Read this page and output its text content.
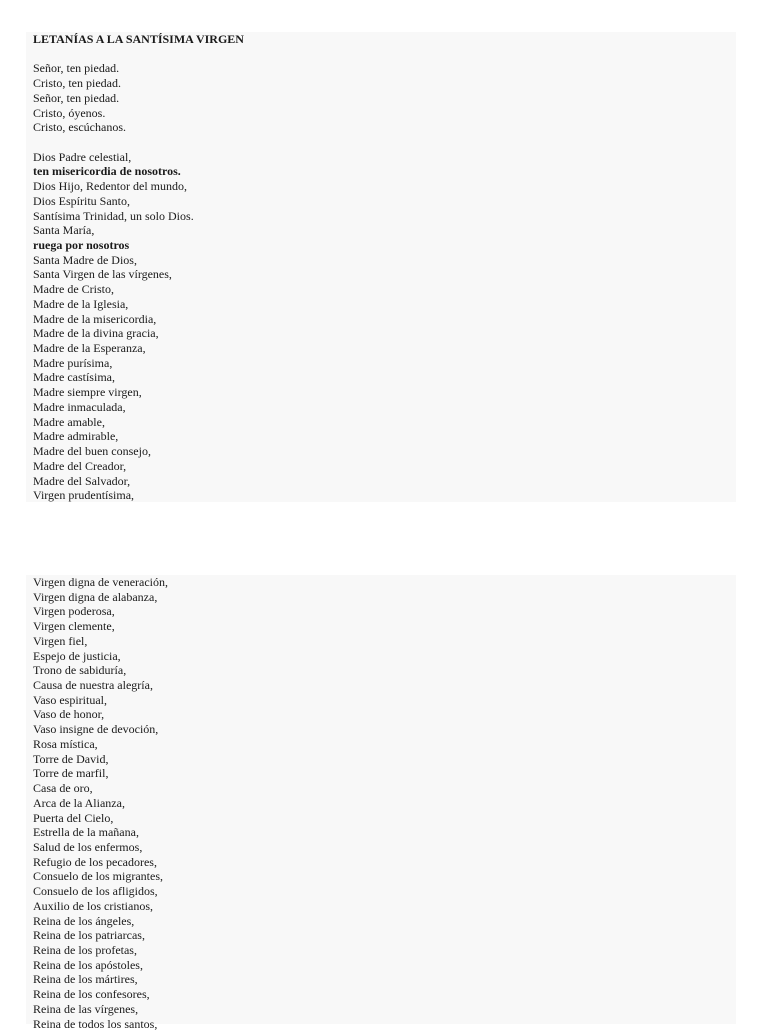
LETANÍAS A LA SANTÍSIMA VIRGEN
Señor, ten piedad.
Cristo, ten piedad.
Señor, ten piedad.
Cristo, óyenos.
Cristo, escúchanos.
Dios Padre celestial,
ten misericordia de nosotros.
Dios Hijo, Redentor del mundo,
Dios Espíritu Santo,
Santísima Trinidad, un solo Dios.
Santa María,
ruega por nosotros
Santa Madre de Dios,
Santa Virgen de las vírgenes,
Madre de Cristo,
Madre de la Iglesia,
Madre de la misericordia,
Madre de la divina gracia,
Madre de la Esperanza,
Madre purísima,
Madre castísima,
Madre siempre virgen,
Madre inmaculada,
Madre amable,
Madre admirable,
Madre del buen consejo,
Madre del Creador,
Madre del Salvador,
Virgen prudentísima,
Virgen digna de veneración,
Virgen digna de alabanza,
Virgen poderosa,
Virgen clemente,
Virgen fiel,
Espejo de justicia,
Trono de sabiduría,
Causa de nuestra alegría,
Vaso espiritual,
Vaso de honor,
Vaso insigne de devoción,
Rosa mística,
Torre de David,
Torre de marfil,
Casa de oro,
Arca de la Alianza,
Puerta del Cielo,
Estrella de la mañana,
Salud de los enfermos,
Refugio de los pecadores,
Consuelo de los migrantes,
Consuelo de los afligidos,
Auxilio de los cristianos,
Reina de los ángeles,
Reina de los patriarcas,
Reina de los profetas,
Reina de los apóstoles,
Reina de los mártires,
Reina de los confesores,
Reina de las vírgenes,
Reina de todos los santos,
